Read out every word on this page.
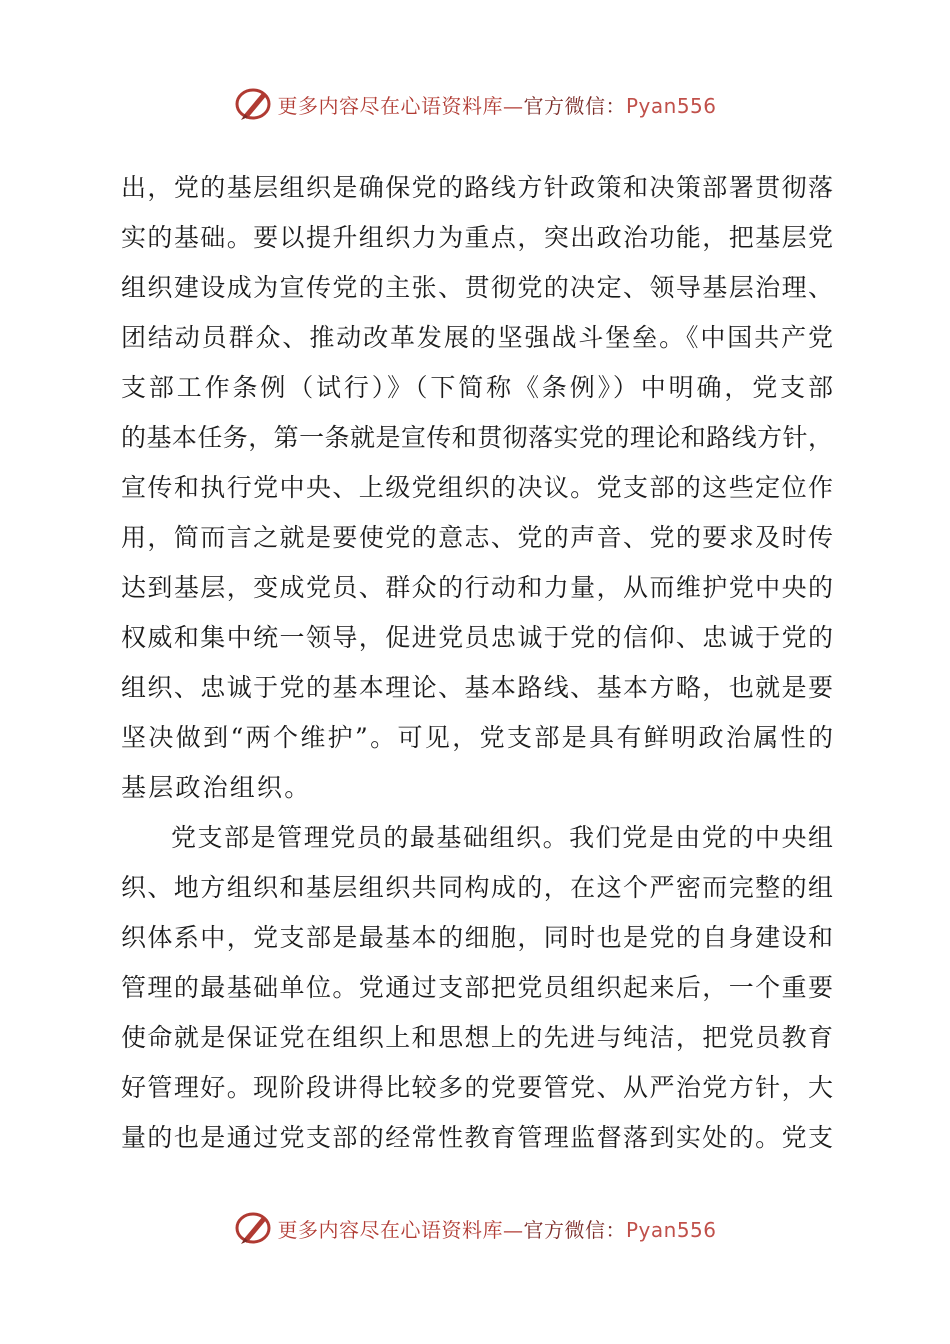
更多内容尽在心语资料库—官方微信：Pyan556
出，党的基层组织是确保党的路线方针政策和决策部署贯彻落
实的基础。要以提升组织力为重点，突出政治功能，把基层党
组织建设成为宣传党的主张、贯彻党的决定、领导基层治理、
团结动员群众、推动改革发展的坚强战斗堡垒。《中国共产党
支部工作条例（试行）》（下简称《条例》）中明确，党支部
的基本任务，第一条就是宣传和贯彻落实党的理论和路线方针，
宣传和执行党中央、上级党组织的决议。党支部的这些定位作
用，简而言之就是要使党的意志、党的声音、党的要求及时传
达到基层，变成党员、群众的行动和力量，从而维护党中央的
权威和集中统一领导，促进党员忠诚于党的信仰、忠诚于党的
组织、忠诚于党的基本理论、基本路线、基本方略，也就是要
坚决做到“两个维护”。可见，党支部是具有鲜明政治属性的
基层政治组织。
党支部是管理党员的最基础组织。我们党是由党的中央组
织、地方组织和基层组织共同构成的，在这个严密而完整的组
织体系中，党支部是最基本的细胞，同时也是党的自身建设和
管理的最基础单位。党通过支部把党员组织起来后，一个重要
使命就是保证党在组织上和思想上的先进与纯洁，把党员教育
好管理好。现阶段讲得比较多的党要管党、从严治党方针，大
量的也是通过党支部的经常性教育管理监督落到实处的。党支
更多内容尽在心语资料库—官方微信：Pyan556
